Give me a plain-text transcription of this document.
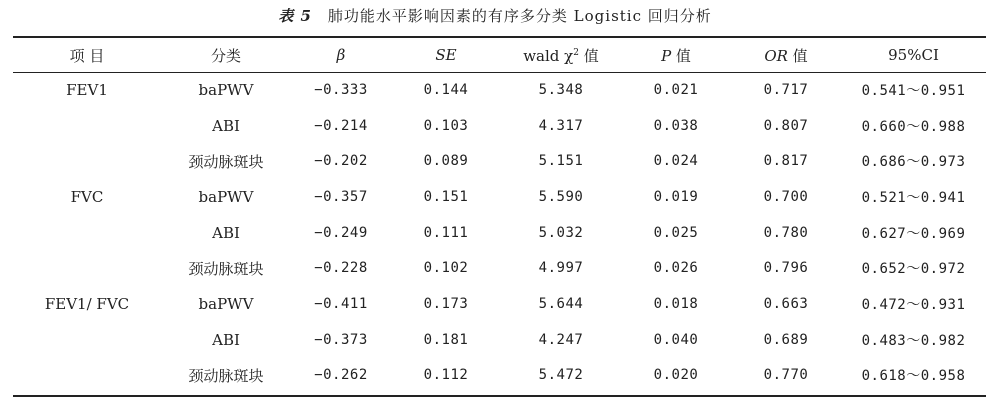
表 5 肺功能水平影响因素的有序多分类 Logistic 回归分析
项 目	分类	β	SE	wald $\chi^2$ 值	P 值	OR 值	95%CI
FEV1	baPWV	−0.333	0.144	5.348	0.021	0.717	0.541～0.951
	ABI	−0.214	0.103	4.317	0.038	0.807	0.660～0.988
	颈动脉斑块	−0.202	0.089	5.151	0.024	0.817	0.686～0.973
FVC	baPWV	−0.357	0.151	5.590	0.019	0.700	0.521～0.941
	ABI	−0.249	0.111	5.032	0.025	0.780	0.627～0.969
	颈动脉斑块	−0.228	0.102	4.997	0.026	0.796	0.652～0.972
FEV1/ FVC	baPWV	−0.411	0.173	5.644	0.018	0.663	0.472～0.931
	ABI	−0.373	0.181	4.247	0.040	0.689	0.483～0.982
	颈动脉斑块	−0.262	0.112	5.472	0.020	0.770	0.618～0.958
